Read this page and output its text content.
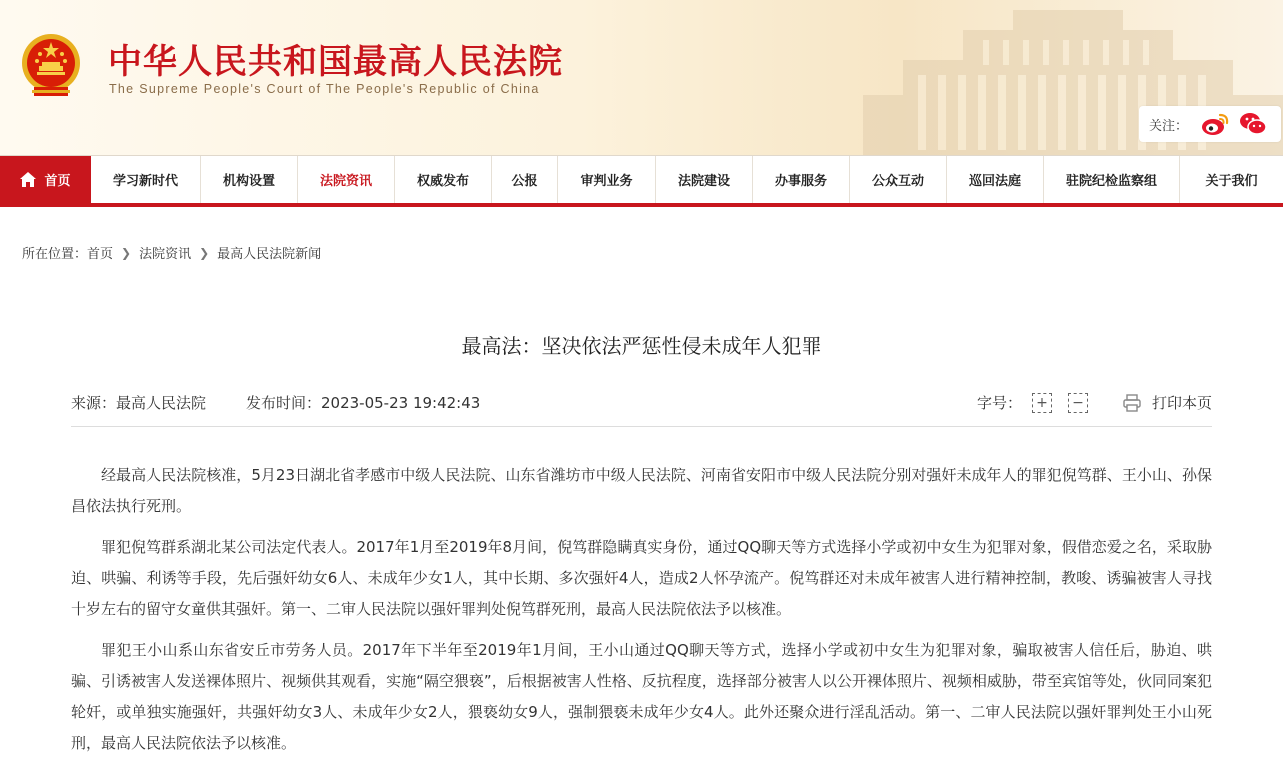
中华人民共和国最高人民法院
The Supreme People's Court of The People's Republic of China
关注：
首页	学习新时代	机构设置	法院资讯	权威发布	公报	审判业务	法院建设	办事服务	公众互动	巡回法庭	驻院纪检监察组	关于我们
所在位置： 首页 ❯ 法院资讯 ❯ 最高人民法院新闻
最高法：坚决依法严惩性侵未成年人犯罪
来源：最高人民法院	发布时间：2023-05-23 19:42:43	字号： + −	打印本页

经最高人民法院核准，5月23日湖北省孝感市中级人民法院、山东省潍坊市中级人民法院、河南省安阳市中级人民法院分别对强奸未成年人的罪犯倪笃群、王小山、孙保昌依法执行死刑。

罪犯倪笃群系湖北某公司法定代表人。2017年1月至2019年8月间，倪笃群隐瞒真实身份，通过QQ聊天等方式选择小学或初中女生为犯罪对象，假借恋爱之名，采取胁迫、哄骗、利诱等手段，先后强奸幼女6人、未成年少女1人，其中长期、多次强奸4人，造成2人怀孕流产。倪笃群还对未成年被害人进行精神控制，教唆、诱骗被害人寻找十岁左右的留守女童供其强奸。第一、二审人民法院以强奸罪判处倪笃群死刑，最高人民法院依法予以核准。

罪犯王小山系山东省安丘市劳务人员。2017年下半年至2019年1月间，王小山通过QQ聊天等方式，选择小学或初中女生为犯罪对象，骗取被害人信任后，胁迫、哄骗、引诱被害人发送裸体照片、视频供其观看，实施“隔空猥亵”，后根据被害人性格、反抗程度，选择部分被害人以公开裸体照片、视频相威胁，带至宾馆等处，伙同同案犯轮奸，或单独实施强奸，共强奸幼女3人、未成年少女2人，猥亵幼女9人，强制猥亵未成年少女4人。此外还聚众进行淫乱活动。第一、二审人民法院以强奸罪判处王小山死刑，最高人民法院依法予以核准。
